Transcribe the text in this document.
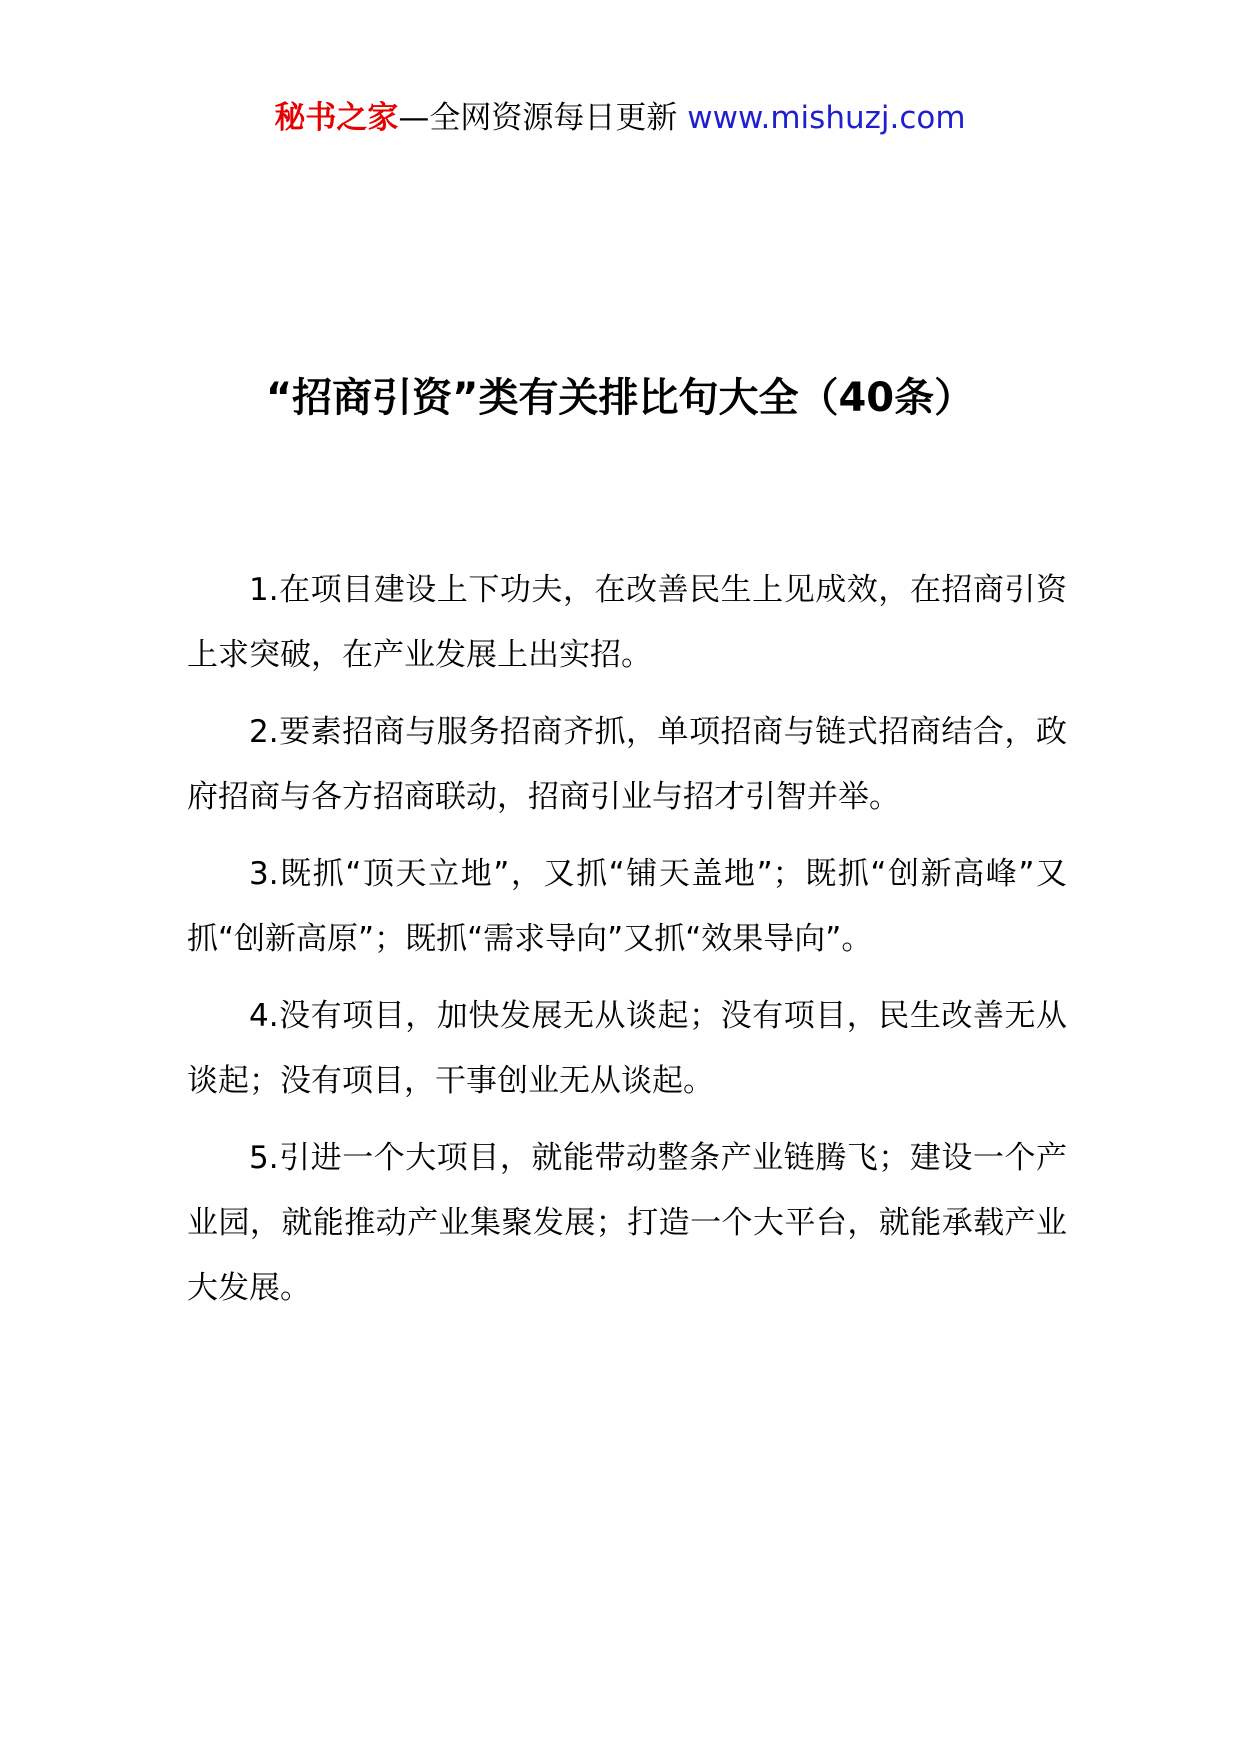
秘书之家—全网资源每日更新 www.mishuzj.com
“招商引资”类有关排比句大全（40条）

1.在项目建设上下功夫，在改善民生上见成效，在招商引资上求突破，在产业发展上出实招。

2.要素招商与服务招商齐抓，单项招商与链式招商结合，政府招商与各方招商联动，招商引业与招才引智并举。

3.既抓“顶天立地”，又抓“铺天盖地”；既抓“创新高峰”又抓“创新高原”；既抓“需求导向”又抓“效果导向”。

4.没有项目，加快发展无从谈起；没有项目，民生改善无从谈起；没有项目，干事创业无从谈起。

5.引进一个大项目，就能带动整条产业链腾飞；建设一个产业园，就能推动产业集聚发展；打造一个大平台，就能承载产业大发展。
